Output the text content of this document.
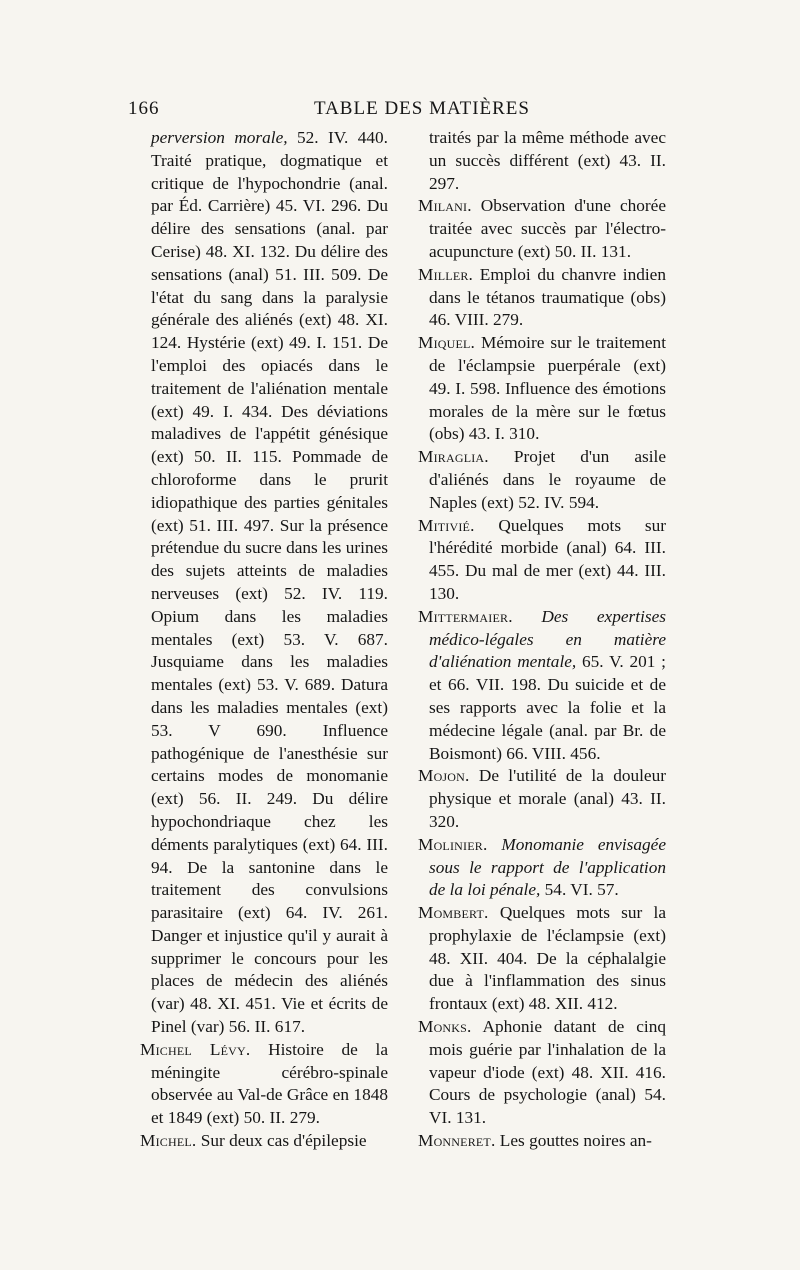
166	TABLE DES MATIÈRES

perversion morale, 52. IV. 440. Traité pratique, dogmatique et critique de l'hypochondrie (anal. par Éd. Carrière) 45. VI. 296. Du délire des sensations (anal. par Cerise) 48. XI. 132. Du délire des sensations (anal) 51. III. 509. De l'état du sang dans la paralysie générale des aliénés (ext) 48. XI. 124. Hystérie (ext) 49. I. 151. De l'emploi des opiacés dans le traitement de l'aliénation mentale (ext) 49. I. 434. Des déviations maladives de l'appétit génésique (ext) 50. II. 115. Pommade de chloroforme dans le prurit idiopathique des parties génitales (ext) 51. III. 497. Sur la présence prétendue du sucre dans les urines des sujets atteints de maladies nerveuses (ext) 52. IV. 119. Opium dans les maladies mentales (ext) 53. V. 687. Jusquiame dans les maladies mentales (ext) 53. V. 689. Datura dans les maladies mentales (ext) 53. V 690. Influence pathogénique de l'anesthésie sur certains modes de monomanie (ext) 56. II. 249. Du délire hypochondriaque chez les déments paralytiques (ext) 64. III. 94. De la santonine dans le traitement des convulsions parasitaire (ext) 64. IV. 261. Danger et injustice qu'il y aurait à supprimer le concours pour les places de médecin des aliénés (var) 48. XI. 451. Vie et écrits de Pinel (var) 56. II. 617.

Michel Lévy. Histoire de la méningite cérébro-spinale observée au Val-de Grâce en 1848 et 1849 (ext) 50. II. 279.

Michel. Sur deux cas d'épilepsie

traités par la même méthode avec un succès différent (ext) 43. II. 297.

Milani. Observation d'une chorée traitée avec succès par l'électro-acupuncture (ext) 50. II. 131.

Miller. Emploi du chanvre indien dans le tétanos traumatique (obs) 46. VIII. 279.

Miquel. Mémoire sur le traitement de l'éclampsie puerpérale (ext) 49. I. 598. Influence des émotions morales de la mère sur le fœtus (obs) 43. I. 310.

Miraglia. Projet d'un asile d'aliénés dans le royaume de Naples (ext) 52. IV. 594.

Mitivié. Quelques mots sur l'hérédité morbide (anal) 64. III. 455. Du mal de mer (ext) 44. III. 130.

Mittermaier. Des expertises médico-légales en matière d'aliénation mentale, 65. V. 201 ; et 66. VII. 198. Du suicide et de ses rapports avec la folie et la médecine légale (anal. par Br. de Boismont) 66. VIII. 456.

Mojon. De l'utilité de la douleur physique et morale (anal) 43. II. 320.

Molinier. Monomanie envisagée sous le rapport de l'application de la loi pénale, 54. VI. 57.

Mombert. Quelques mots sur la prophylaxie de l'éclampsie (ext) 48. XII. 404. De la céphalalgie due à l'inflammation des sinus frontaux (ext) 48. XII. 412.

Monks. Aphonie datant de cinq mois guérie par l'inhalation de la vapeur d'iode (ext) 48. XII. 416. Cours de psychologie (anal) 54. VI. 131.

Monneret. Les gouttes noires an-
